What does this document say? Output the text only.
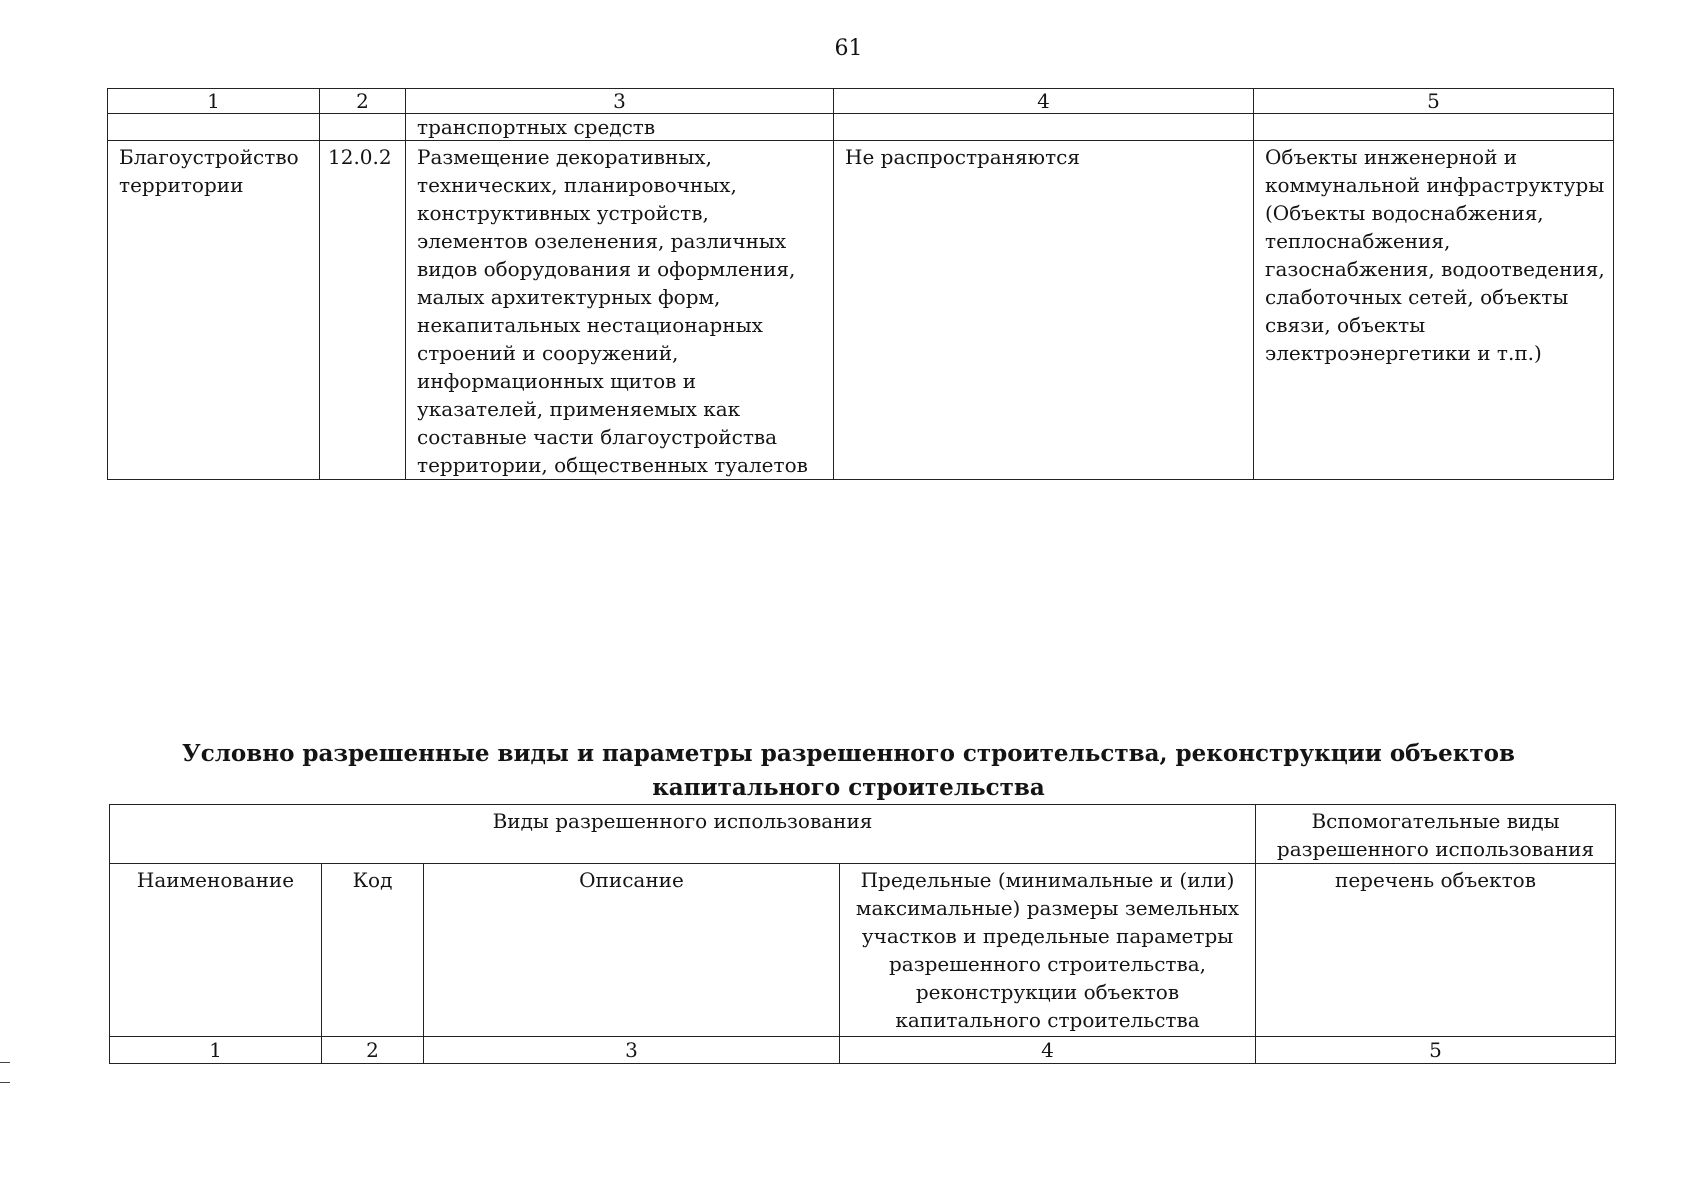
61
1	2	3	4	5
		транспортных средств		
Благоустройство территории	12.0.2	Размещение декоративных, технических, планировочных, конструктивных устройств, элементов озеленения, различных видов оборудования и оформления, малых архитектурных форм, некапитальных нестационарных строений и сооружений, информационных щитов и указателей, применяемых как составные части благоустройства территории, общественных туалетов	Не распространяются	Объекты инженерной и коммунальной инфраструктуры (Объекты водоснабжения, теплоснабжения, газоснабжения, водоотведения, слаботочных сетей, объекты связи, объекты электроэнергетики и т.п.)
Условно разрешенные виды и параметры разрешенного строительства, реконструкции объектов
капитального строительства
Виды разрешенного использования				Вспомогательные виды разрешенного использования
Наименование	Код	Описание	Предельные (минимальные и (или) максимальные) размеры земельных участков и предельные параметры разрешенного строительства, реконструкции объектов капитального строительства	перечень объектов
1	2	3	4	5
